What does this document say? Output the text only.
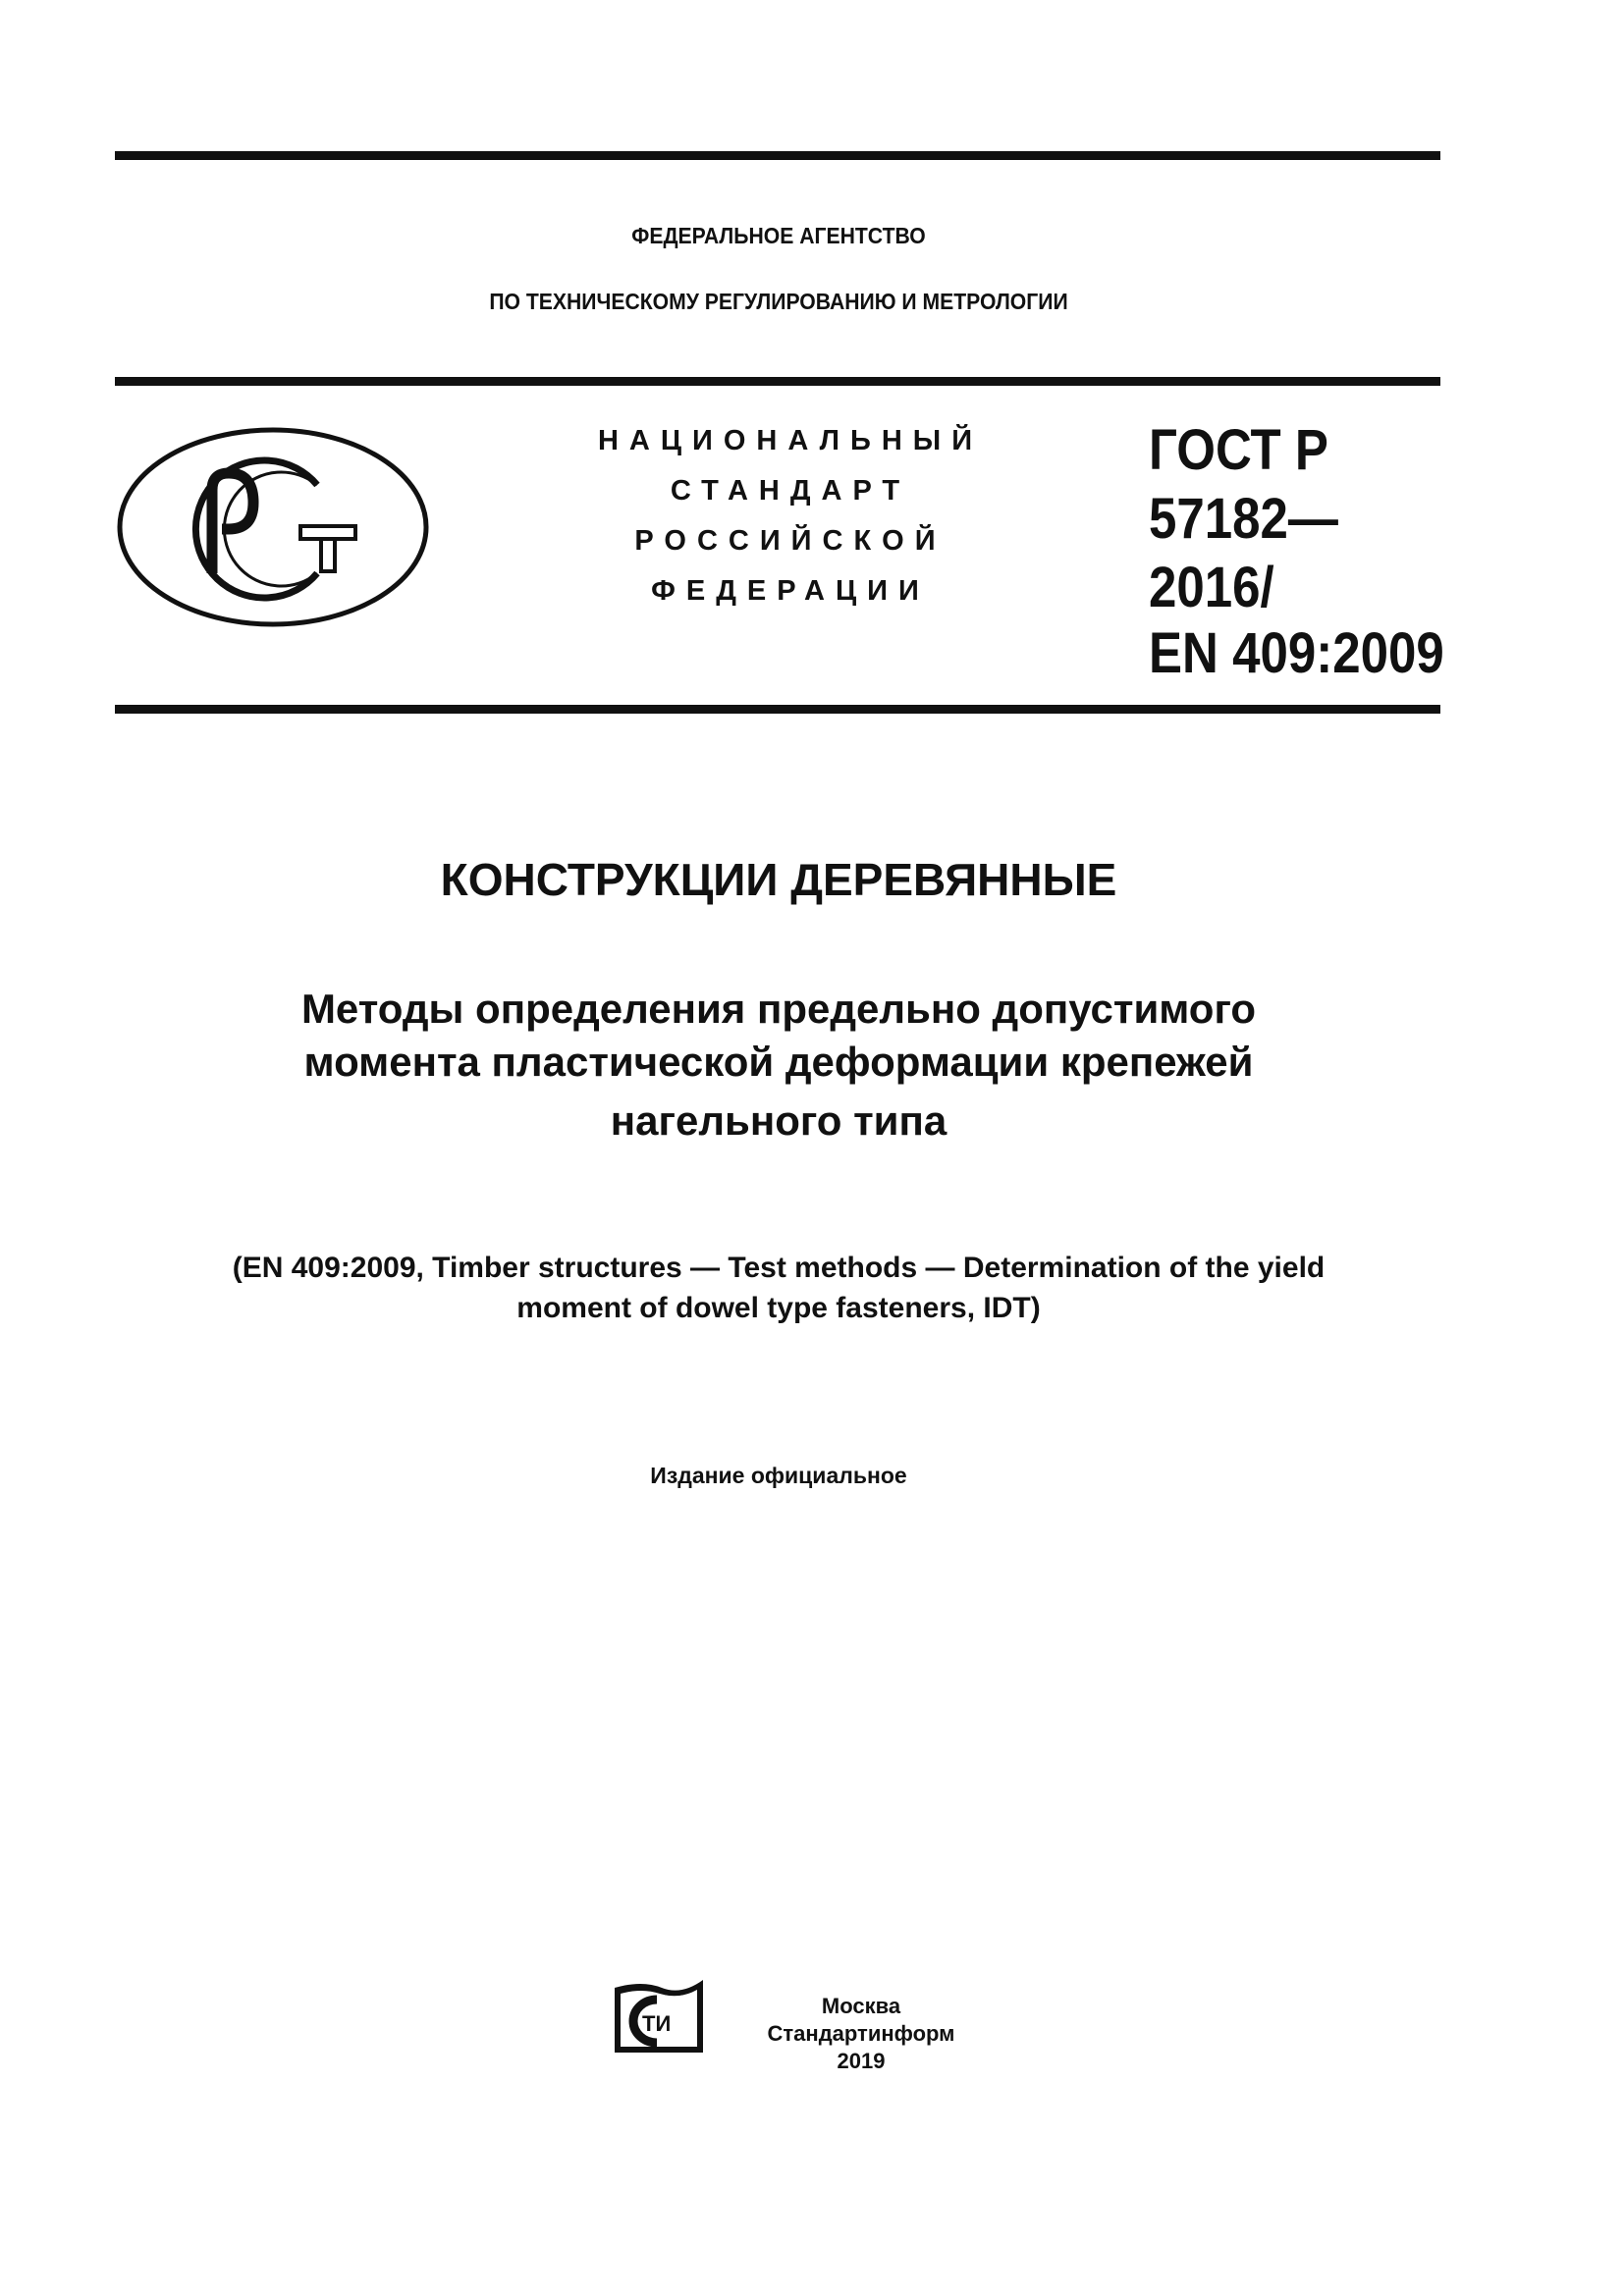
ФЕДЕРАЛЬНОЕ АГЕНТСТВО
ПО ТЕХНИЧЕСКОМУ РЕГУЛИРОВАНИЮ И МЕТРОЛОГИИ
НАЦИОНАЛЬНЫЙ
СТАНДАРТ
РОССИЙСКОЙ
ФЕДЕРАЦИИ
ГОСТ Р
57182—
2016/
EN 409:2009
КОНСТРУКЦИИ ДЕРЕВЯННЫЕ
Методы определения предельно допустимого
момента пластической деформации крепежей
нагельного типа
(EN 409:2009, Timber structures — Test methods — Determination of the yield
moment of dowel type fasteners, IDT)
Издание официальное
ТИ
Москва
Стандартинформ
2019
